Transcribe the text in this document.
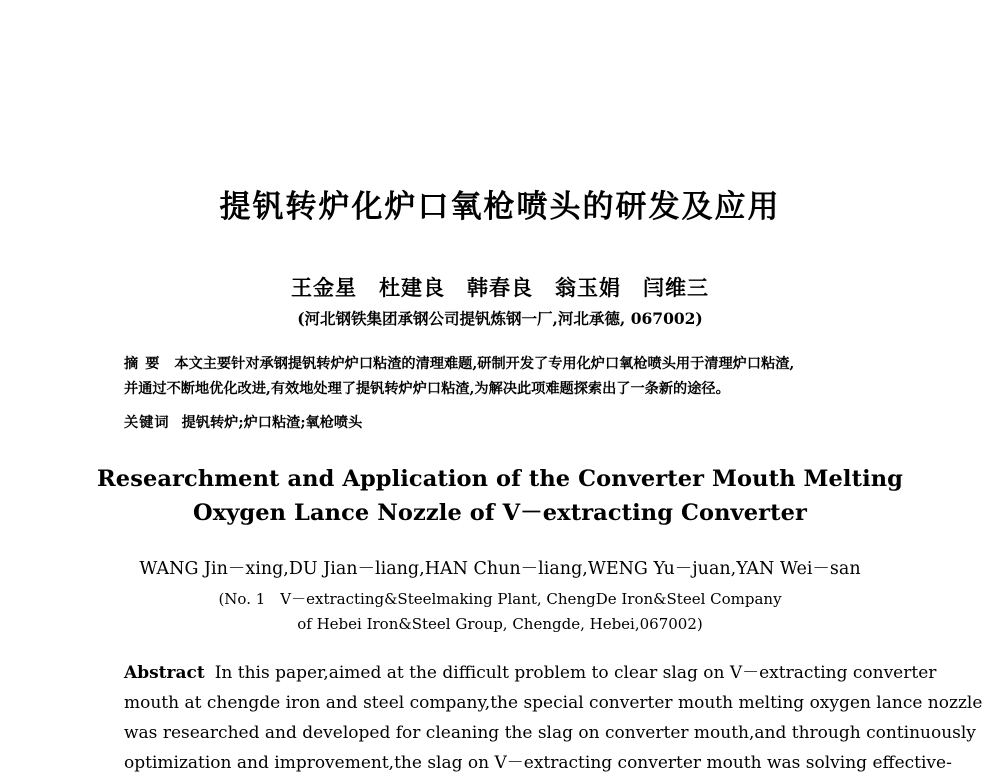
提钒转炉化炉口氧枪喷头的研发及应用
王金星 杜建良 韩春良 翁玉娟 闫维三
(河北钢铁集团承钢公司提钒炼钢一厂,河北承德, 067002)
摘要 本文主要针对承钢提钒转炉炉口粘渣的清理难题,研制开发了专用化炉口氧枪喷头用于清理炉口粘渣,
并通过不断地优化改进,有效地处理了提钒转炉炉口粘渣,为解决此项难题探索出了一条新的途径。
关键词 提钒转炉;炉口粘渣;氧枪喷头
Researchment and Application of the Converter Mouth Melting
Oxygen Lance Nozzle of V－extracting Converter
WANG Jin－xing,DU Jian－liang,HAN Chun－liang,WENG Yu－juan,YAN Wei－san
(No. 1　V－extracting&Steelmaking Plant, ChengDe Iron&Steel Company
of Hebei Iron&Steel Group, Chengde, Hebei,067002)
Abstract In this paper,aimed at the difficult problem to clear slag on V－extracting converter
mouth at chengde iron and steel company,the special converter mouth melting oxygen lance nozzle
was researched and developed for cleaning the slag on converter mouth,and through continuously
optimization and improvement,the slag on V－extracting converter mouth was solving effective-
